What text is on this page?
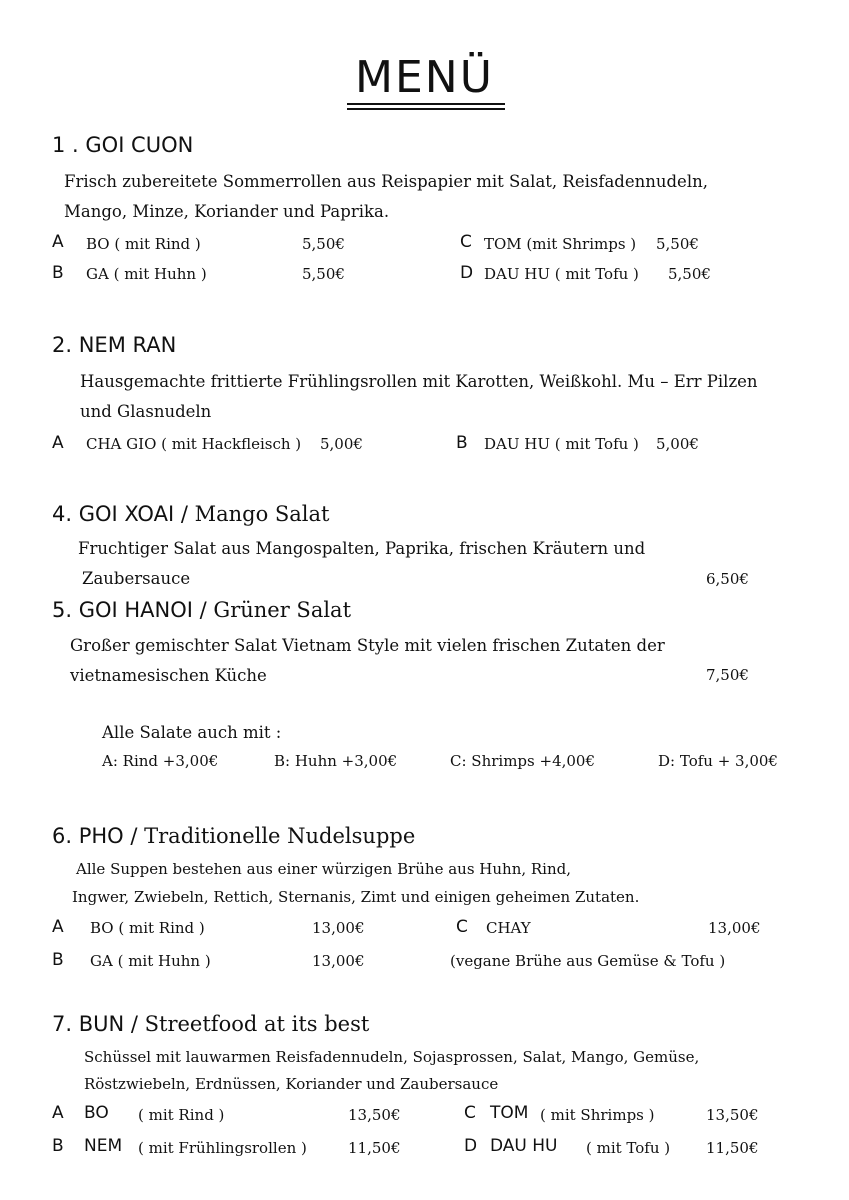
MENÜ
1 . GOI CUON
Frisch zubereitete Sommerrollen aus Reispapier mit Salat, Reisfadennudeln,
Mango, Minze, Koriander und Paprika.
A BO ( mit Rind )	5,50€	C TOM (mit Shrimps ) 5,50€
B GA ( mit Huhn )	5,50€	D DAU HU ( mit Tofu ) 5,50€
2. NEM RAN
Hausgemachte frittierte Frühlingsrollen mit Karotten, Weißkohl. Mu – Err Pilzen
und Glasnudeln
A CHA GIO ( mit Hackfleisch ) 5,00€	B DAU HU ( mit Tofu ) 5,00€
4. GOI XOAI / Mango Salat
Fruchtiger Salat aus Mangospalten, Paprika, frischen Kräutern und
Zaubersauce	6,50€
5. GOI HANOI / Grüner Salat
Großer gemischter Salat Vietnam Style mit vielen frischen Zutaten der
vietnamesischen Küche	7,50€
Alle Salate auch mit :
A: Rind +3,00€	B: Huhn +3,00€	C: Shrimps +4,00€	D: Tofu + 3,00€
6. PHO / Traditionelle Nudelsuppe
Alle Suppen bestehen aus einer würzigen Brühe aus Huhn, Rind,
Ingwer, Zwiebeln, Rettich, Sternanis, Zimt und einigen geheimen Zutaten.
A BO ( mit Rind )	13,00€	C CHAY	13,00€
B GA ( mit Huhn )	13,00€	(vegane Brühe aus Gemüse & Tofu )
7. BUN / Streetfood at its best
Schüssel mit lauwarmen Reisfadennudeln, Sojasprossen, Salat, Mango, Gemüse,
Röstzwiebeln, Erdnüssen, Koriander und Zaubersauce
A BO ( mit Rind )	13,50€	C TOM ( mit Shrimps )	13,50€
B NEM ( mit Frühlingsrollen )	11,50€	D DAU HU ( mit Tofu ) 11,50€
